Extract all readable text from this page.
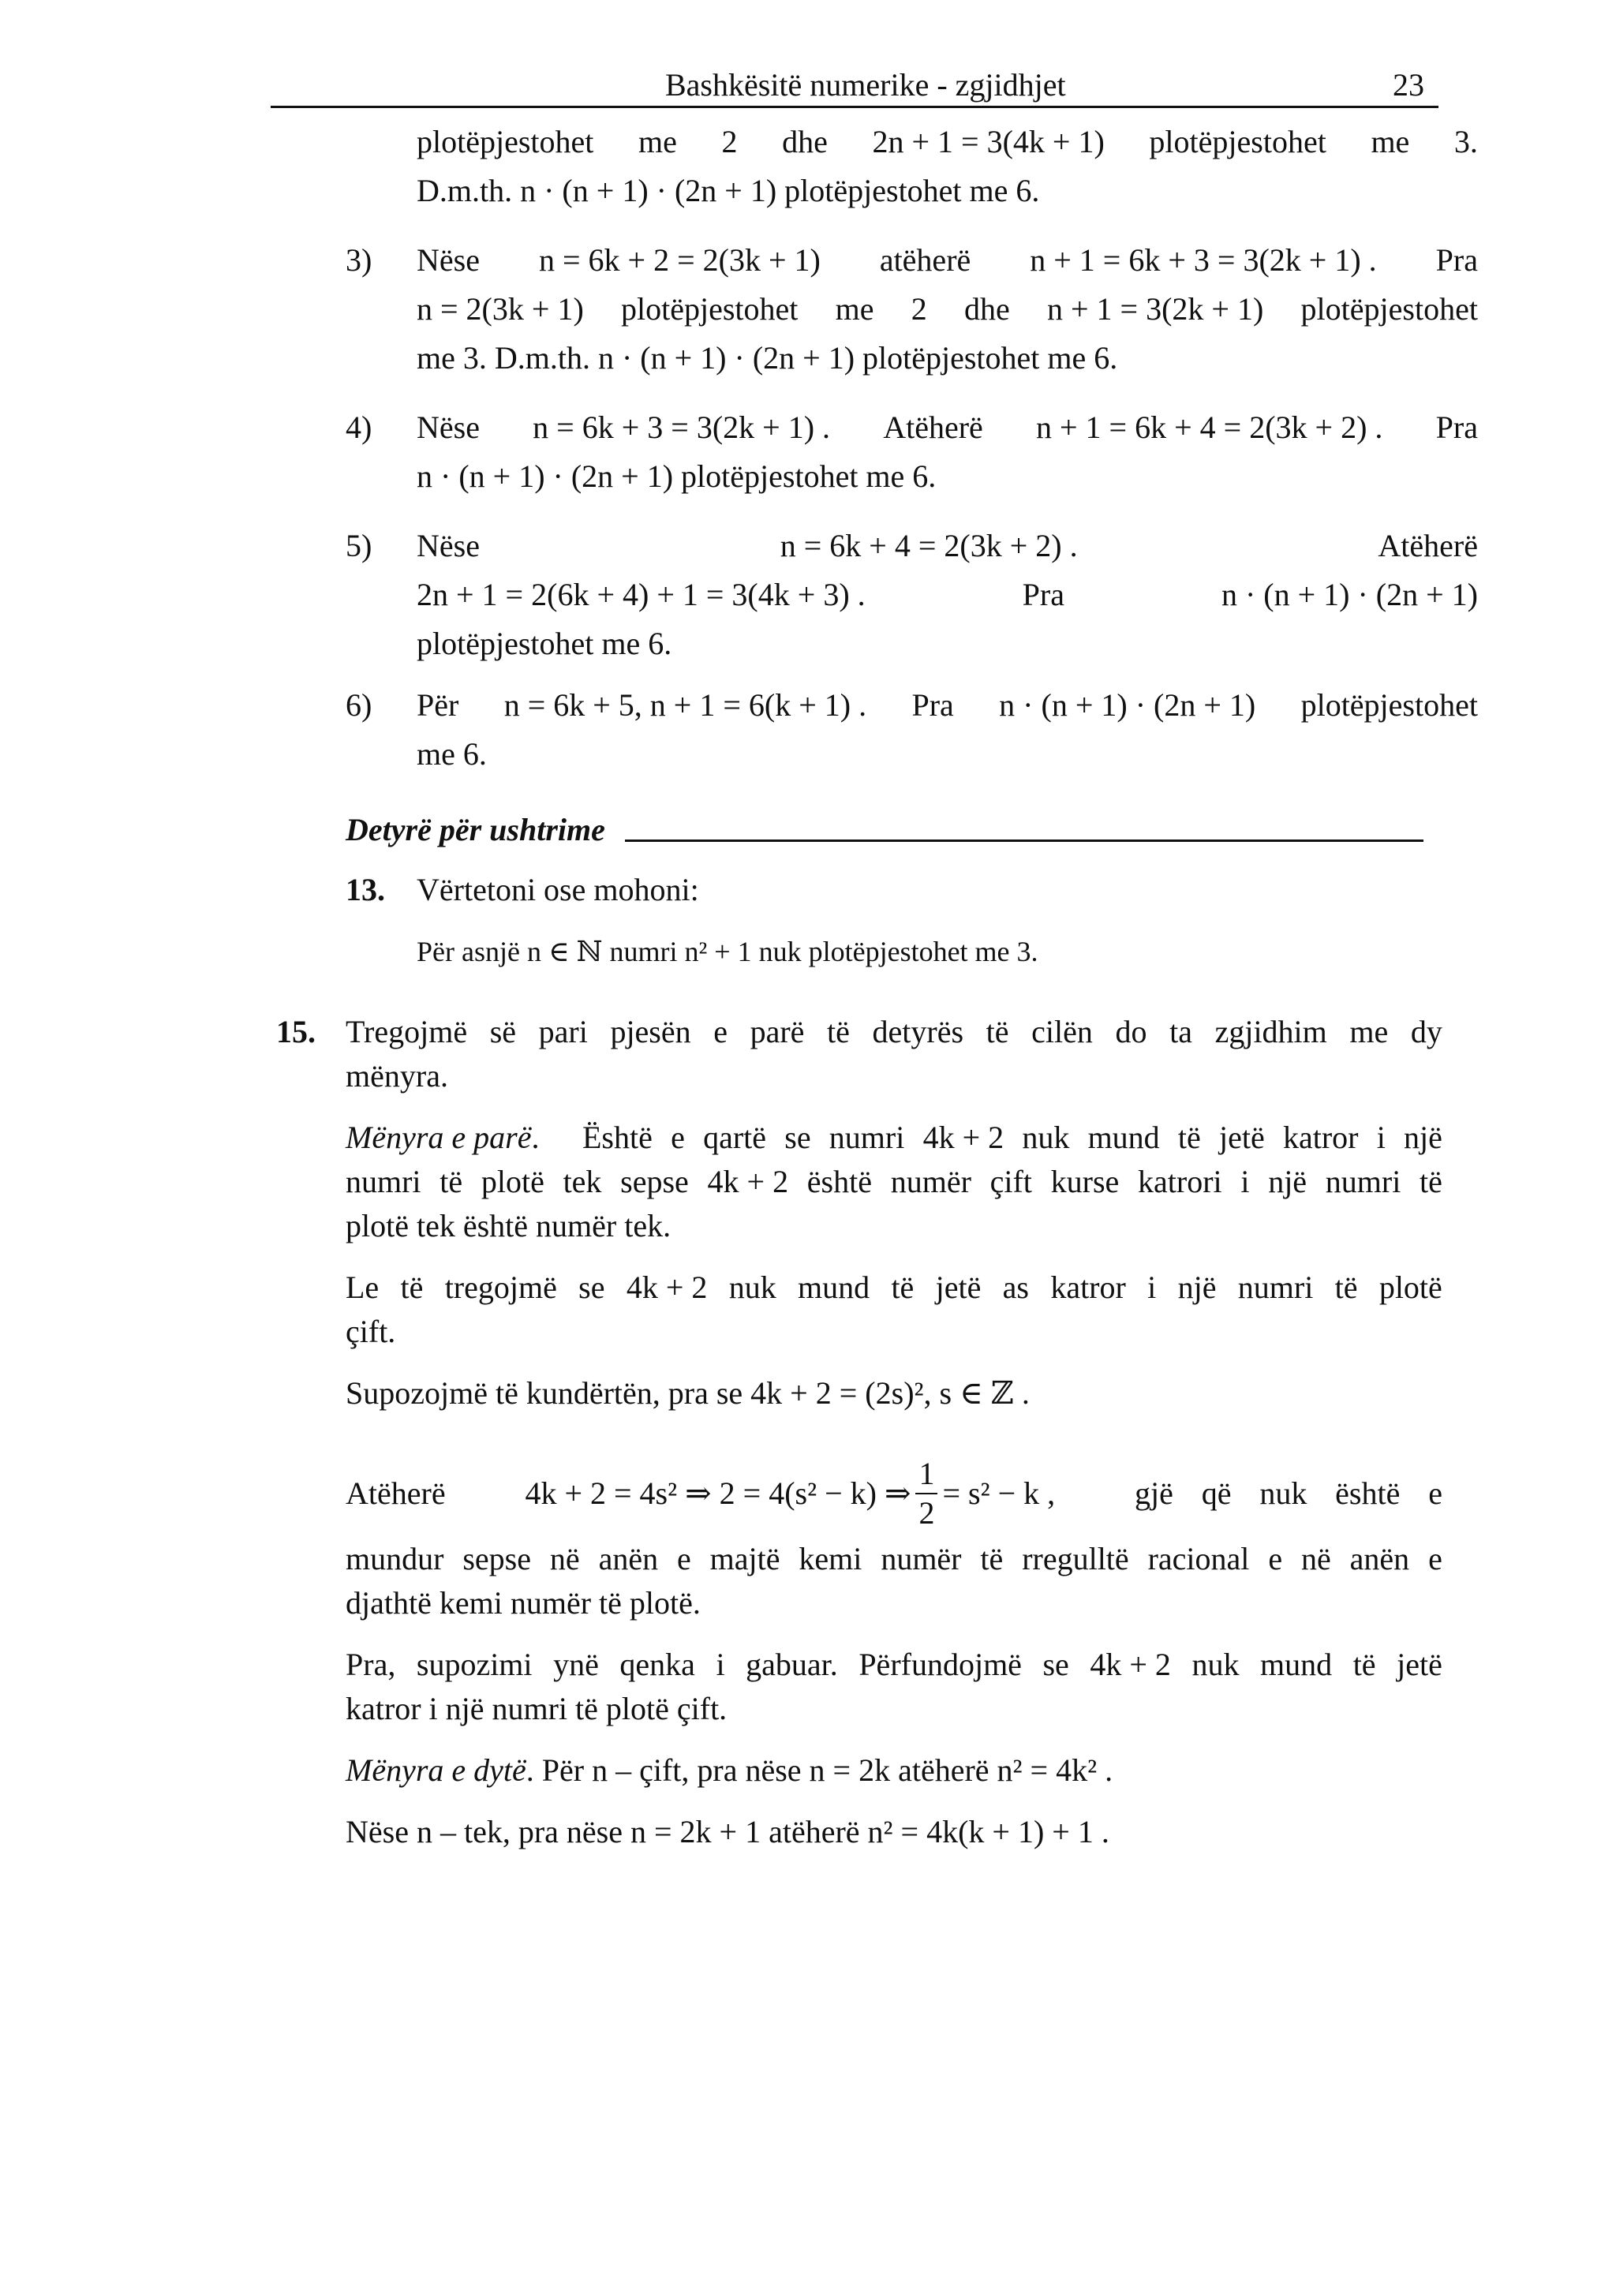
Bashkësitë numerike - zgjidhjet	23
plotëpjestohet me 2 dhe 2n + 1 = 3(4k + 1) plotëpjestohet me 3.
D.m.th. n · (n + 1) · (2n + 1) plotëpjestohet me 6.
3) Nëse n = 6k + 2 = 2(3k + 1) atëherë n + 1 = 6k + 3 = 3(2k + 1) . Pra
n = 2(3k + 1) plotëpjestohet me 2 dhe n + 1 = 3(2k + 1) plotëpjestohet
me 3. D.m.th. n · (n + 1) · (2n + 1) plotëpjestohet me 6.
4) Nëse n = 6k + 3 = 3(2k + 1) . Atëherë n + 1 = 6k + 4 = 2(3k + 2) . Pra
n · (n + 1) · (2n + 1) plotëpjestohet me 6.
5) Nëse	n = 6k + 4 = 2(3k + 2) .	Atëherë
2n + 1 = 2(6k + 4) + 1 = 3(4k + 3) .	Pra	n · (n + 1) · (2n + 1)
plotëpjestohet me 6.
6) Për n = 6k + 5, n + 1 = 6(k + 1) . Pra n · (n + 1) · (2n + 1) plotëpjestohet
me 6.
Detyrë për ushtrime
13. Vërtetoni ose mohoni:
Për asnjë n ∈ ℕ numri n² + 1 nuk plotëpjestohet me 3.
15. Tregojmë së pari pjesën e parë të detyrës të cilën do ta zgjidhim me dy
mënyra.
Mënyra e parë. Është e qartë se numri 4k + 2 nuk mund të jetë katror i një
numri të plotë tek sepse 4k + 2 është numër çift kurse katrori i një numri të
plotë tek është numër tek.
Le të tregojmë se 4k + 2 nuk mund të jetë as katror i një numri të plotë
çift.
Supozojmë të kundërtën, pra se 4k + 2 = (2s)², s ∈ ℤ .
Atëherë	4k + 2 = 4s² ⇒ 2 = 4(s² − k) ⇒ $\frac{1}{2} = s^2 - k$ ,	gjë që nuk është e
mundur sepse në anën e majtë kemi numër të rregulltë racional e në anën e
djathtë kemi numër të plotë.
Pra, supozimi ynë qenka i gabuar. Përfundojmë se 4k + 2 nuk mund të jetë
katror i një numri të plotë çift.
Mënyra e dytë. Për n – çift, pra nëse n = 2k atëherë n² = 4k² .
Nëse n – tek, pra nëse n = 2k + 1 atëherë n² = 4k(k + 1) + 1 .
